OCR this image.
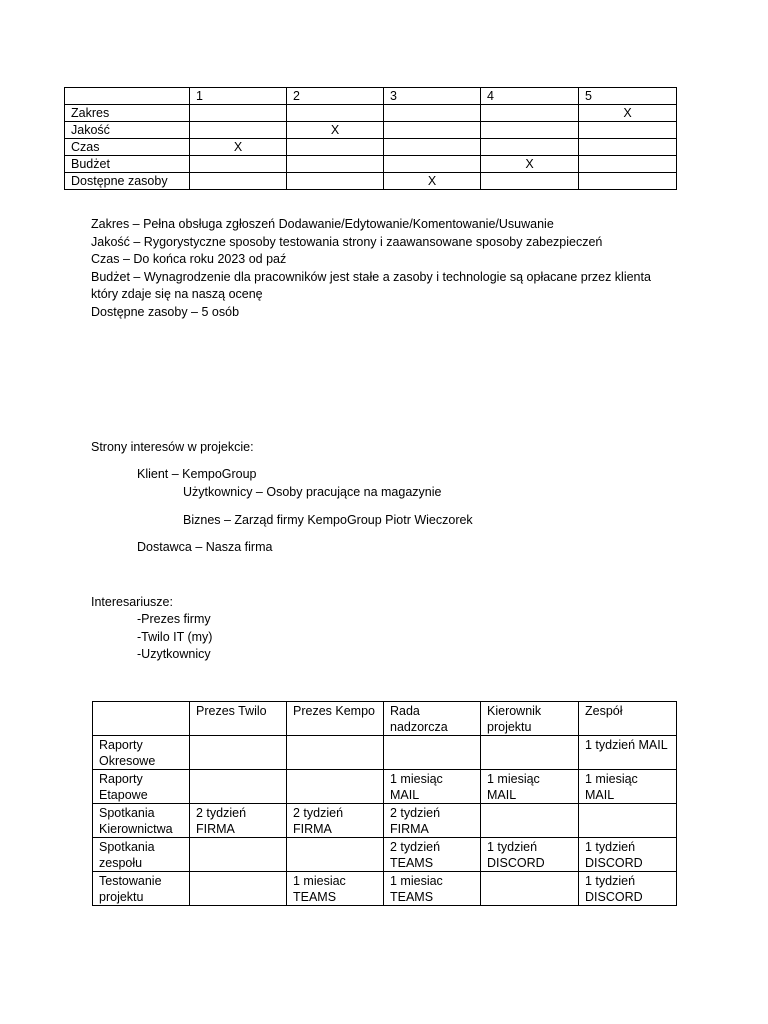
	1	2	3	4	5
Zakres					X
Jakość		X			
Czas	X				
Budżet				X	
Dostępne zasoby			X		
Zakres – Pełna obsługa zgłoszeń Dodawanie/Edytowanie/Komentowanie/Usuwanie
Jakość – Rygorystyczne sposoby testowania strony i zaawansowane sposoby zabezpieczeń
Czas – Do końca roku 2023 od paź
Budżet – Wynagrodzenie dla pracowników jest stałe a zasoby i technologie są opłacane przez klienta
który zdaje się na naszą ocenę
Dostępne zasoby – 5 osób
Strony interesów w projekcie:
Klient – KempoGroup
Użytkownicy – Osoby pracujące na magazynie
Biznes – Zarząd firmy KempoGroup Piotr Wieczorek
Dostawca – Nasza firma
Interesariusze:
-Prezes firmy
-Twilo IT (my)
-Uzytkownicy
	Prezes Twilo	Prezes Kempo	Rada nadzorcza	Kierownik projektu	Zespół
Raporty Okresowe					1 tydzień MAIL
Raporty Etapowe			1 miesiąc MAIL	1 miesiąc MAIL	1 miesiąc MAIL
Spotkania Kierownictwa	2 tydzień FIRMA	2 tydzień FIRMA	2 tydzień FIRMA		
Spotkania zespołu			2 tydzień TEAMS	1 tydzień DISCORD	1 tydzień DISCORD
Testowanie projektu		1 miesiac TEAMS	1 miesiac TEAMS		1 tydzień DISCORD
